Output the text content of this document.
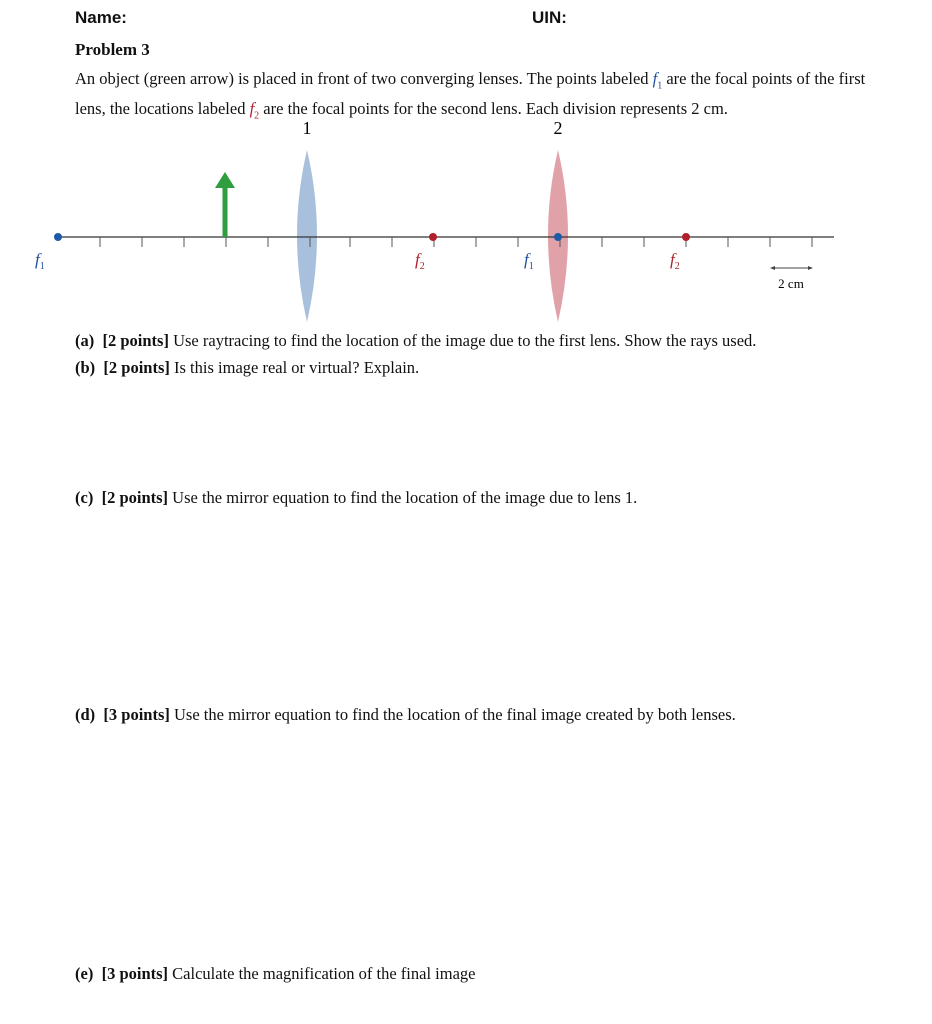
Name:	UIN:
Problem 3
An object (green arrow) is placed in front of two converging lenses. The points labeled $f_1$ are the focal points of the first lens, the locations labeled $f_2$ are the focal points for the second lens. Each division represents 2 cm.
1	2
$f_1$	$f_2$	$f_1$	$f_2$
2 cm
(a) [2 points] Use raytracing to find the location of the image due to the first lens. Show the rays used.
(b) [2 points] Is this image real or virtual? Explain.
(c) [2 points] Use the mirror equation to find the location of the image due to lens 1.
(d) [3 points] Use the mirror equation to find the location of the final image created by both lenses.
(e) [3 points] Calculate the magnification of the final image
